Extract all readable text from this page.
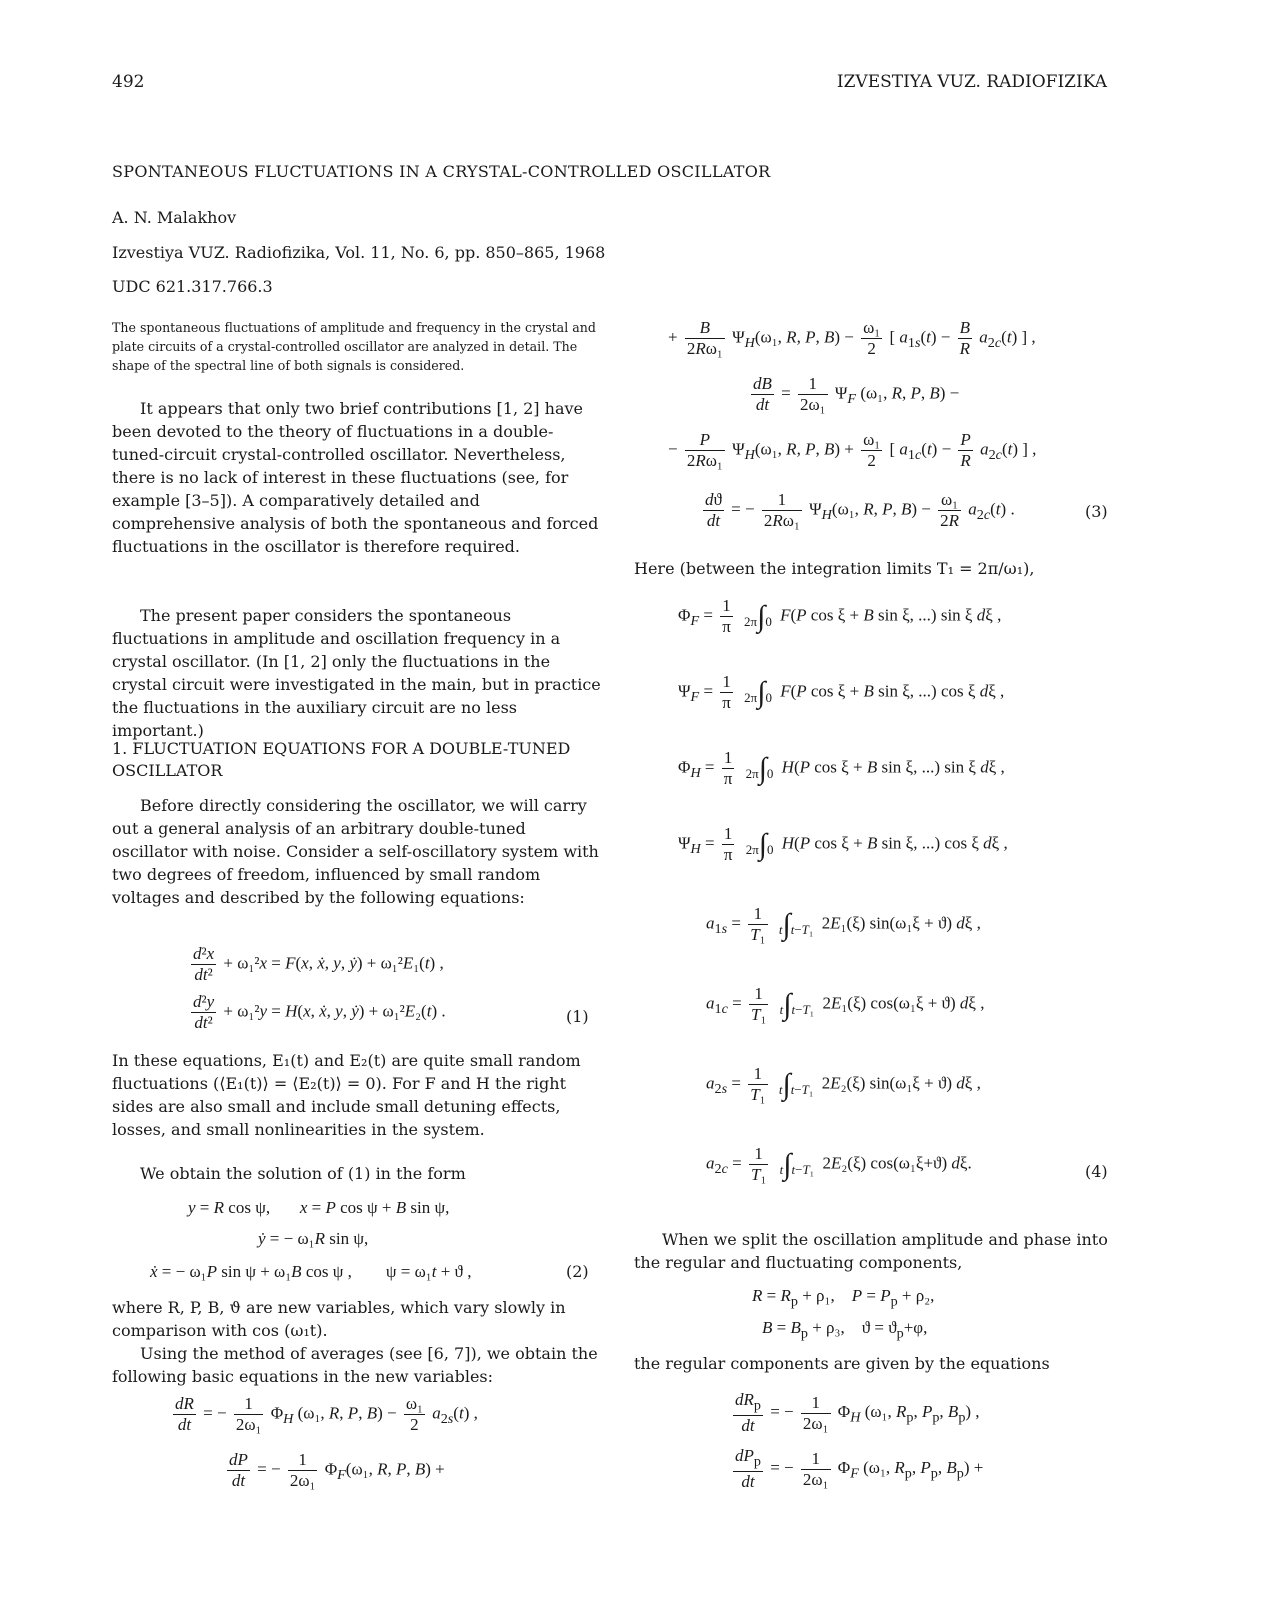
492	IZVESTIYA VUZ. RADIOFIZIKA
SPONTANEOUS FLUCTUATIONS IN A CRYSTAL-CONTROLLED OSCILLATOR
A. N. Malakhov
Izvestiya VUZ. Radiofizika, Vol. 11, No. 6, pp. 850–865, 1968
UDC 621.317.766.3
The spontaneous fluctuations of amplitude and frequency in the crystal and plate circuits of a crystal-controlled oscillator are analyzed in detail. The shape of the spectral line of both signals is considered.
It appears that only two brief contributions [1, 2] have been devoted to the theory of fluctuations in a double-tuned-circuit crystal-controlled oscillator. Nevertheless, there is no lack of interest in these fluctuations (see, for example [3–5]). A comparatively detailed and comprehensive analysis of both the spontaneous and forced fluctuations in the oscillator is therefore required.
The present paper considers the spontaneous fluctuations in amplitude and oscillation frequency in a crystal oscillator. (In [1, 2] only the fluctuations in the crystal circuit were investigated in the main, but in practice the fluctuations in the auxiliary circuit are no less important.)
1. FLUCTUATION EQUATIONS FOR A DOUBLE-TUNED OSCILLATOR
Before directly considering the oscillator, we will carry out a general analysis of an arbitrary double-tuned oscillator with noise. Consider a self-oscillatory system with two degrees of freedom, influenced by small random voltages and described by the following equations:
$\frac{\text{d²x}}{\text{dt²}} + \omega_1^2x = F(x$, ẋ, y, ẏ) + ω₁²E₁(t) ,
$\frac{\text{d²y}}{\text{dt²}} + \omega_1^2y = H(x$, ẋ, y, ẏ) + ω₁²E₂(t) .	(1)
In these equations, E₁(t) and E₂(t) are quite small random fluctuations (⟨E₁(t)⟩ = ⟨E₂(t)⟩ = 0). For F and H the right sides are also small and include small detuning effects, losses, and small nonlinearities in the system.
We obtain the solution of (1) in the form
y = R cos ψ,       x = P cos ψ + B sin ψ,
ẏ = − ω₁R sin ψ,
ẋ = − ω₁P sin ψ + ω₁B cos ψ ,        ψ = ω₁t + ϑ ,	(2)
where R, P, B, ϑ are new variables, which vary slowly in comparison with cos (ω₁t).
Using the method of averages (see [6, 7]), we obtain the following basic equations in the new variables:
$\frac{dR}{dt}$ = − $\frac{1}{\text{2ω₁}} \Phi_H$ (ω₁, R, P, $B) - \frac{\text{ω₁}}{2} a_{2s}(t)$ ,
$\frac{dP}{dt}$ = − $\frac{1}{\text{2ω₁}} \Phi_F(\omega_1$, R, P, B) +
+ $\frac{B}{\text{2Rω₁}} \Psi_H(\omega_1$, R, P, $B) - \frac{\text{ω₁}}{2}$ [ $a_{1s}(t) - \frac{B}{R} a_{2c}(t)$ ] ,
$\frac{dB}{dt} = \frac{1}{\text{2ω₁}} \Psi_F$ (ω₁, R, P, B) −
− $\frac{P}{\text{2Rω₁}} \Psi_H(\omega_1$, R, P, $B) + \frac{\text{ω₁}}{2}$ [ $a_{1c}(t) - \frac{P}{R} a_{2c}(t)$ ] ,
$\frac{dϑ}{dt}$ = − $\frac{1}{\text{2Rω₁}} \Psi_H(\omega_1$, R, P, $B) - \frac{\text{ω₁}}{2R} a_{2c}(t)$ .	(3)
Here (between the integration limits T₁ = 2π/ω₁),
$\Phi_F = \frac{1}{\pi} 2\pi\int 0$ F(P cos ξ + B sin ξ, ...) sin ξ dξ ,
$\Psi_F = \frac{1}{\pi} 2\pi\int 0$ F(P cos ξ + B sin ξ, ...) cos ξ dξ ,
$\Phi_H = \frac{1}{\pi} 2\pi\int 0$ H(P cos ξ + B sin ξ, ...) sin ξ dξ ,
$\Psi_H = \frac{1}{\pi} 2\pi\int 0$ H(P cos ξ + B sin ξ, ...) cos ξ dξ ,
$a_{1s} = \frac{1}{\text{T₁}} t\int t-T_1$ 2E₁(ξ) sin(ω₁ξ + ϑ) dξ ,
$a_{1c} = \frac{1}{\text{T₁}} t\int t-T_1$ 2E₁(ξ) cos(ω₁ξ + ϑ) dξ ,
$a_{2s} = \frac{1}{\text{T₁}} t\int t-T_1$ 2E₂(ξ) sin(ω₁ξ + ϑ) dξ ,
$a_{2c} = \frac{1}{\text{T₁}} t\int t-T_1$ 2E₂(ξ) cos(ω₁ξ+ϑ) dξ.	(4)
When we split the oscillation amplitude and phase into the regular and fluctuating components,
$R = R_p + \rho_1$,    $P = P_p + \rho_2$,
$B = B_p + \rho_3$,    $ϑ = ϑ_p+\varphi$,
the regular components are given by the equations
$\frac{dR_p}{dt}$ = − $\frac{1}{\text{2ω₁}} \Phi_H$ (ω₁, $R_p$, $P_p$, $B_p$) ,
$\frac{dP_p}{dt}$ = − $\frac{1}{\text{2ω₁}} \Phi_F$ (ω₁, $R_p$, $P_p$, $B_p$) +
